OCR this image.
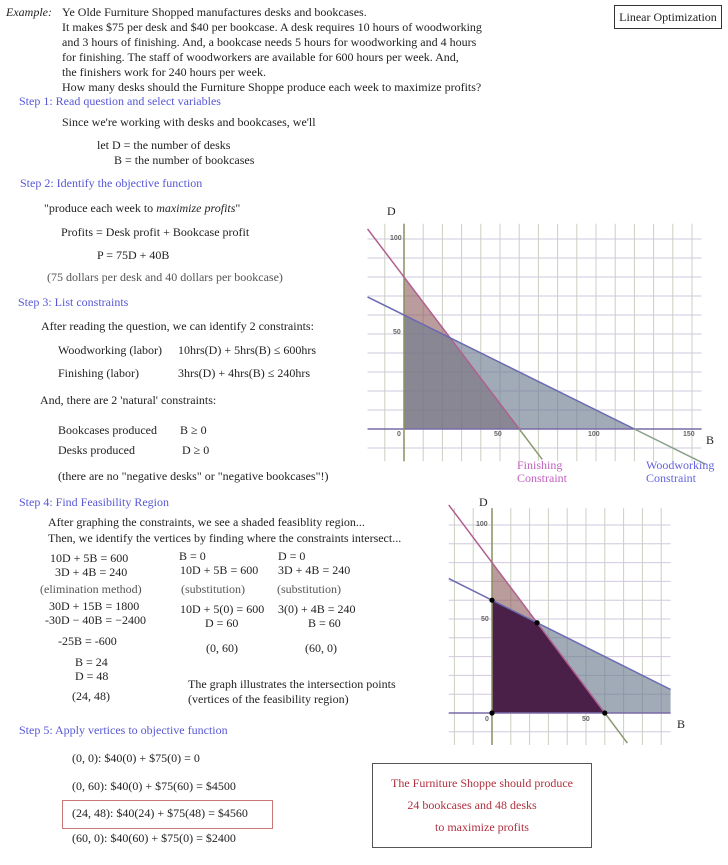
Linear Optimization
Example: Ye Olde Furniture Shopped manufactures desks and bookcases.
It makes $75 per desk and $40 per bookcase. A desk requires 10 hours of woodworking
and 3 hours of finishing. And, a bookcase needs 5 hours for woodworking and 4 hours
for finishing. The staff of woodworkers are available for 600 hours per week. And,
the finishers work for 240 hours per week.
How many desks should the Furniture Shoppe produce each week to maximize profits?
Step 1: Read question and select variables
Since we're working with desks and bookcases, we'll
let D = the number of desks
B = the number of bookcases
Step 2: Identify the objective function
"produce each week to maximize profits"
Profits = Desk profit + Bookcase profit
P = 75D + 40B
(75 dollars per desk and 40 dollars per bookcase)
Step 3: List constraints
After reading the question, we can identify 2 constraints:
Woodworking (labor) 10hrs(D) + 5hrs(B) ≤ 600hrs
Finishing (labor)	3hrs(D) + 4hrs(B) ≤ 240hrs
And, there are 2 'natural' constraints:
Bookcases produced B ≥ 0
Desks produced	D ≥ 0
(there are no "negative desks" or "negative bookcases"!)
Step 4: Find Feasibility Region
After graphing the constraints, we see a shaded feasiblity region...
Then, we identify the vertices by finding where the constraints intersect...
10D + 5B = 600
3D + 4B = 240
(elimination method)
30D + 15B = 1800
-30D − 40B = −2400
-25B = -600
B = 24
D = 48
(24, 48)
B = 0
10D + 5B = 600
(substitution)
10D + 5(0) = 600
D = 60
(0, 60)
D = 0
3D + 4B = 240
(substitution)
3(0) + 4B = 240
B = 60
(60, 0)
The graph illustrates the intersection points
(vertices of the feasibility region)
Step 5: Apply vertices to objective function
(0, 0): $40(0) + $75(0) = 0
(0, 60): $40(0) + $75(60) = $4500
(24, 48): $40(24) + $75(48) = $4560
(60, 0): $40(60) + $75(0) = $2400
The Furniture Shoppe should produce
24 bookcases and 48 desks
to maximize profits
D
B
100
50
0	50	100	150
Finishing
Constraint
Woodworking
Constraint
D
B
100
50
0	50
